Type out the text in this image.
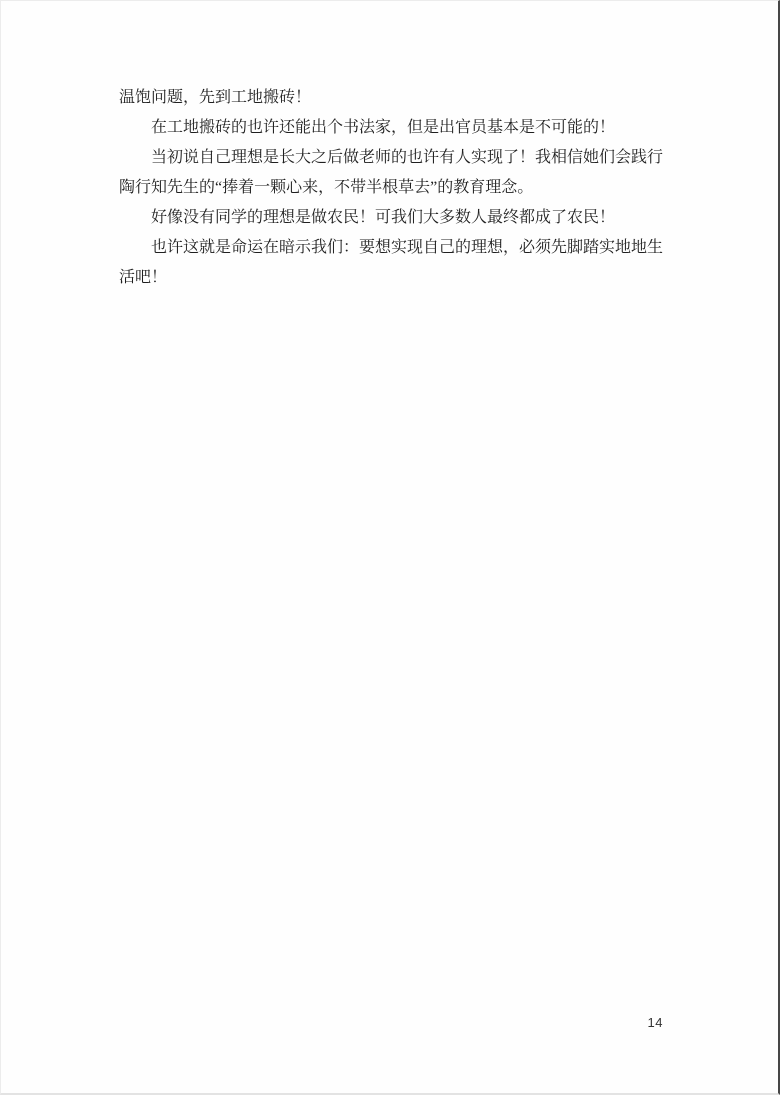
温饱问题，先到工地搬砖！

在工地搬砖的也许还能出个书法家，但是出官员基本是不可能的！

当初说自己理想是长大之后做老师的也许有人实现了！我相信她们会践行陶行知先生的“捧着一颗心来，不带半根草去”的教育理念。

好像没有同学的理想是做农民！可我们大多数人最终都成了农民！

也许这就是命运在暗示我们：要想实现自己的理想，必须先脚踏实地地生活吧！

14
